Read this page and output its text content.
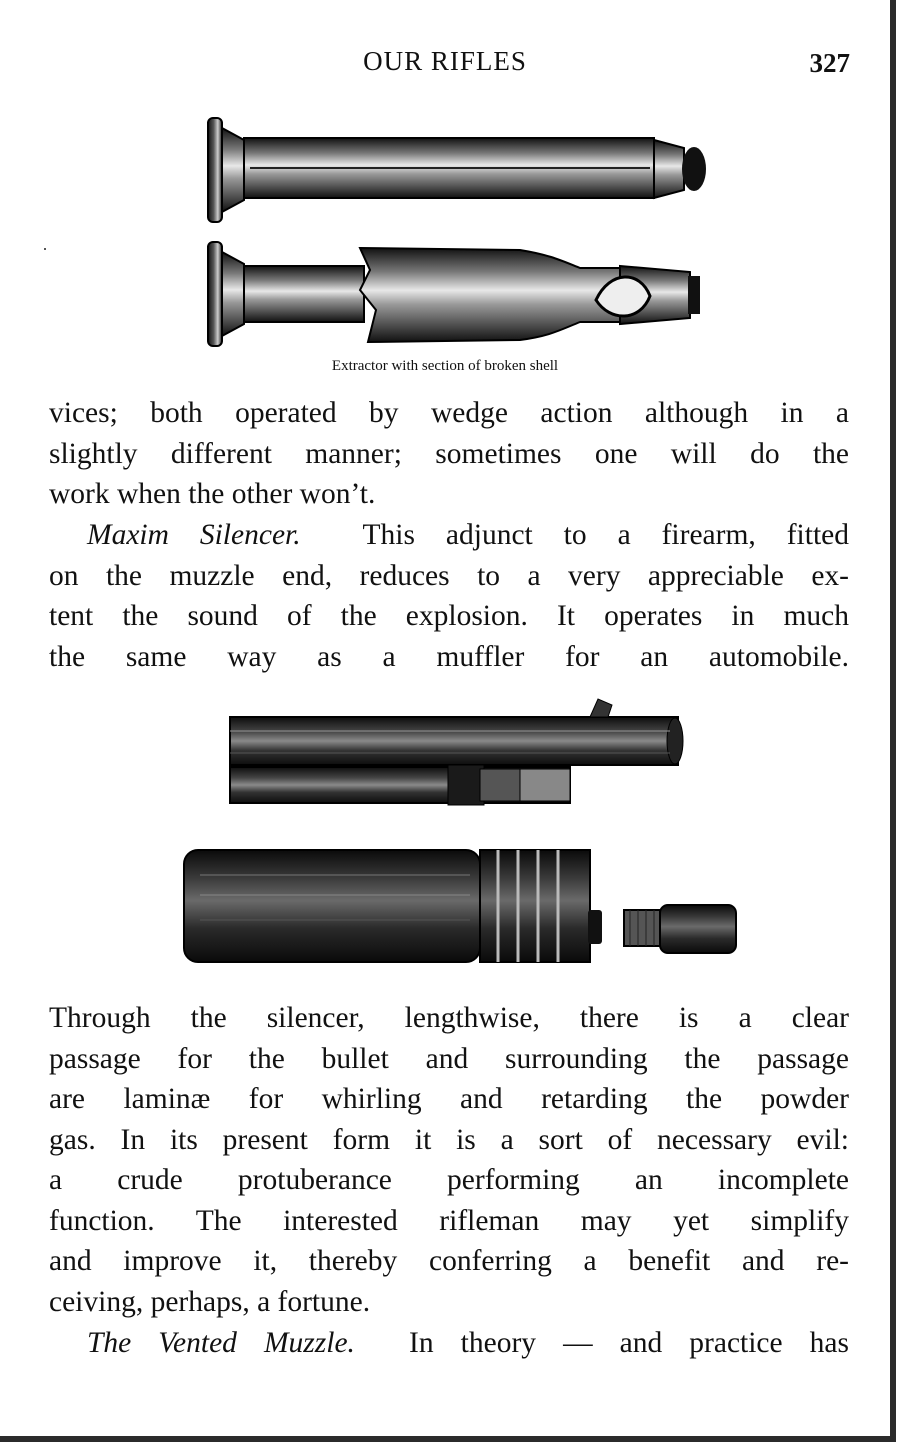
OUR RIFLES	327
Extractor with section of broken shell
vices; both operated by wedge action although in a
slightly different manner; sometimes one will do the
work when the other won’t.
Maxim Silencer. This adjunct to a firearm, fitted
on the muzzle end, reduces to a very appreciable ex-
tent the sound of the explosion. It operates in much
the same way as a muffler for an automobile.
Through the silencer, lengthwise, there is a clear
passage for the bullet and surrounding the passage
are laminæ for whirling and retarding the powder
gas. In its present form it is a sort of necessary evil:
a crude protuberance performing an incomplete
function. The interested rifleman may yet simplify
and improve it, thereby conferring a benefit and re-
ceiving, perhaps, a fortune.
The Vented Muzzle. In theory — and practice has
